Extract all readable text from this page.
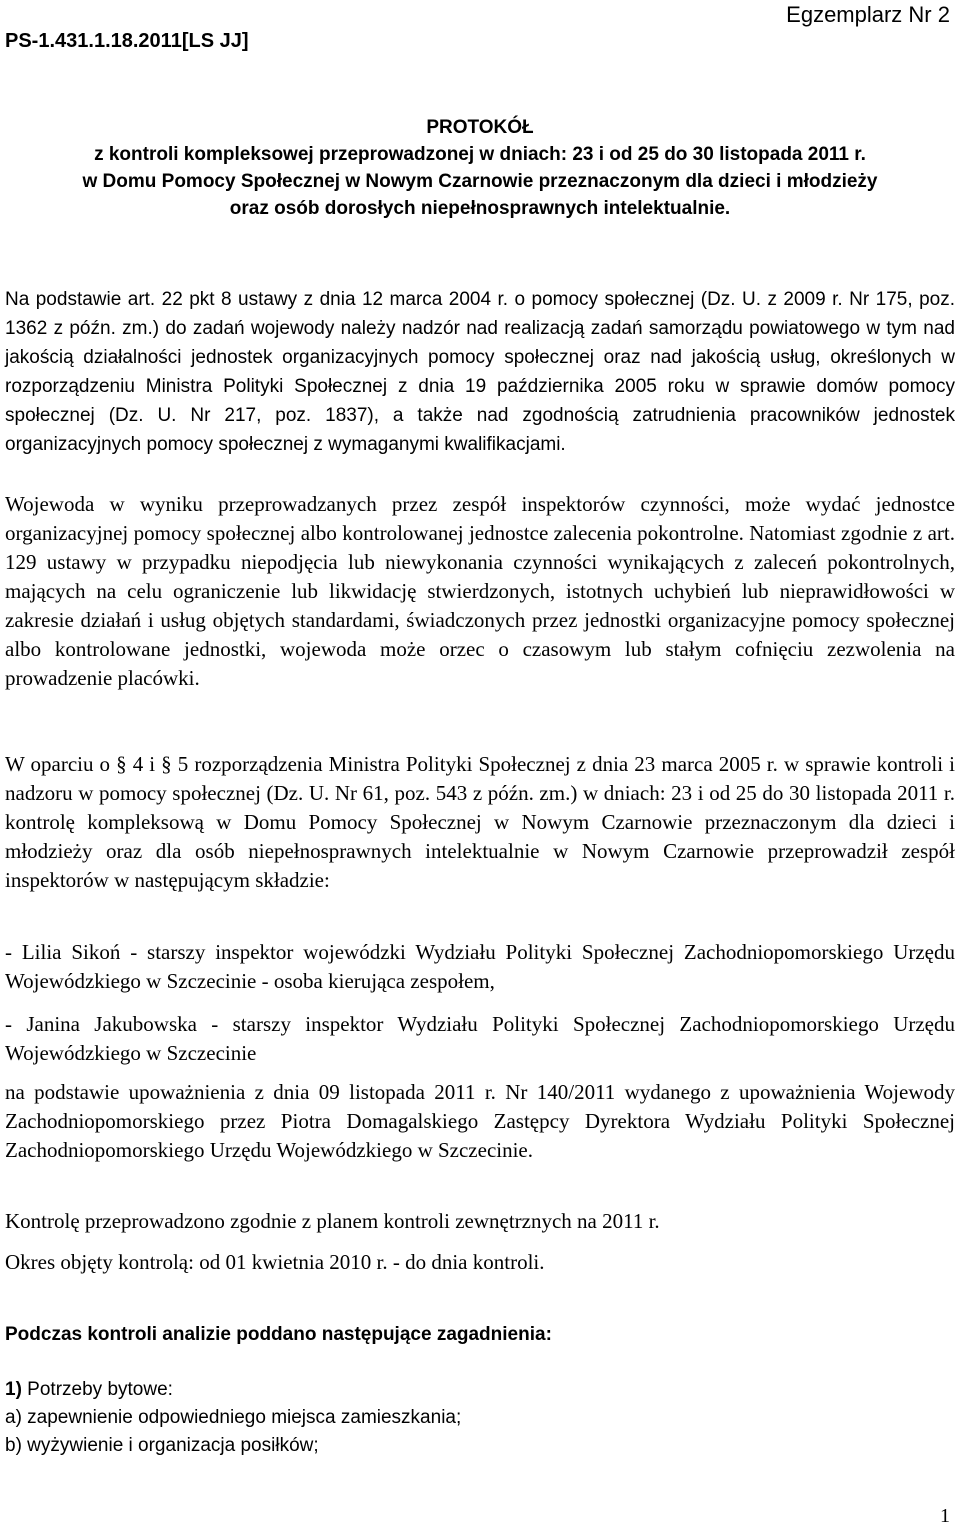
PS-1.431.1.18.2011[LS JJ]
Egzemplarz Nr 2
PROTOKÓŁ
z kontroli kompleksowej przeprowadzonej w dniach: 23 i od 25 do 30 listopada 2011 r.
w Domu Pomocy Społecznej w Nowym Czarnowie przeznaczonym dla dzieci i młodzieży
oraz osób dorosłych niepełnosprawnych intelektualnie.
Na podstawie art. 22 pkt 8 ustawy z dnia 12 marca 2004 r. o pomocy społecznej (Dz. U. z 2009 r. Nr 175, poz. 1362 z późn. zm.) do zadań wojewody należy nadzór nad realizacją zadań samorządu powiatowego w tym nad jakością działalności jednostek organizacyjnych pomocy społecznej oraz nad jakością usług, określonych w rozporządzeniu Ministra Polityki Społecznej z dnia 19 października 2005 roku w sprawie domów pomocy społecznej (Dz. U. Nr 217, poz. 1837), a także nad zgodnością zatrudnienia pracowników jednostek organizacyjnych pomocy społecznej z wymaganymi kwalifikacjami.
Wojewoda w wyniku przeprowadzanych przez zespół inspektorów czynności, może wydać jednostce organizacyjnej pomocy społecznej albo kontrolowanej jednostce zalecenia pokontrolne. Natomiast zgodnie z art. 129 ustawy w przypadku niepodjęcia lub niewykonania czynności wynikających z zaleceń pokontrolnych, mających na celu ograniczenie lub likwidację stwierdzonych, istotnych uchybień lub nieprawidłowości w zakresie działań i usług objętych standardami, świadczonych przez jednostki organizacyjne pomocy społecznej albo kontrolowane jednostki, wojewoda może orzec o czasowym lub stałym cofnięciu zezwolenia na prowadzenie placówki.
W oparciu o § 4 i § 5 rozporządzenia Ministra Polityki Społecznej z dnia 23 marca 2005 r. w sprawie kontroli i nadzoru w pomocy społecznej (Dz. U. Nr 61, poz. 543 z późn. zm.) w dniach: 23 i od 25 do 30 listopada 2011 r. kontrolę kompleksową w Domu Pomocy Społecznej w Nowym Czarnowie przeznaczonym dla dzieci i młodzieży oraz dla osób niepełnosprawnych intelektualnie w Nowym Czarnowie przeprowadził zespół inspektorów w następującym składzie:
- Lilia Sikoń - starszy inspektor wojewódzki Wydziału Polityki Społecznej Zachodniopomorskiego Urzędu Wojewódzkiego w Szczecinie - osoba kierująca zespołem,
- Janina Jakubowska - starszy inspektor Wydziału Polityki Społecznej Zachodniopomorskiego Urzędu Wojewódzkiego w Szczecinie
na podstawie upoważnienia z dnia 09 listopada 2011 r. Nr 140/2011 wydanego z upoważnienia Wojewody Zachodniopomorskiego przez Piotra Domagalskiego Zastępcy Dyrektora Wydziału Polityki Społecznej Zachodniopomorskiego Urzędu Wojewódzkiego w Szczecinie.
Kontrolę przeprowadzono zgodnie z planem kontroli zewnętrznych na 2011 r.
Okres objęty kontrolą: od 01 kwietnia 2010 r. - do dnia kontroli.
Podczas kontroli analizie poddano następujące zagadnienia:
1) Potrzeby bytowe:
a) zapewnienie odpowiedniego miejsca zamieszkania;
b) wyżywienie i organizacja posiłków;
1
